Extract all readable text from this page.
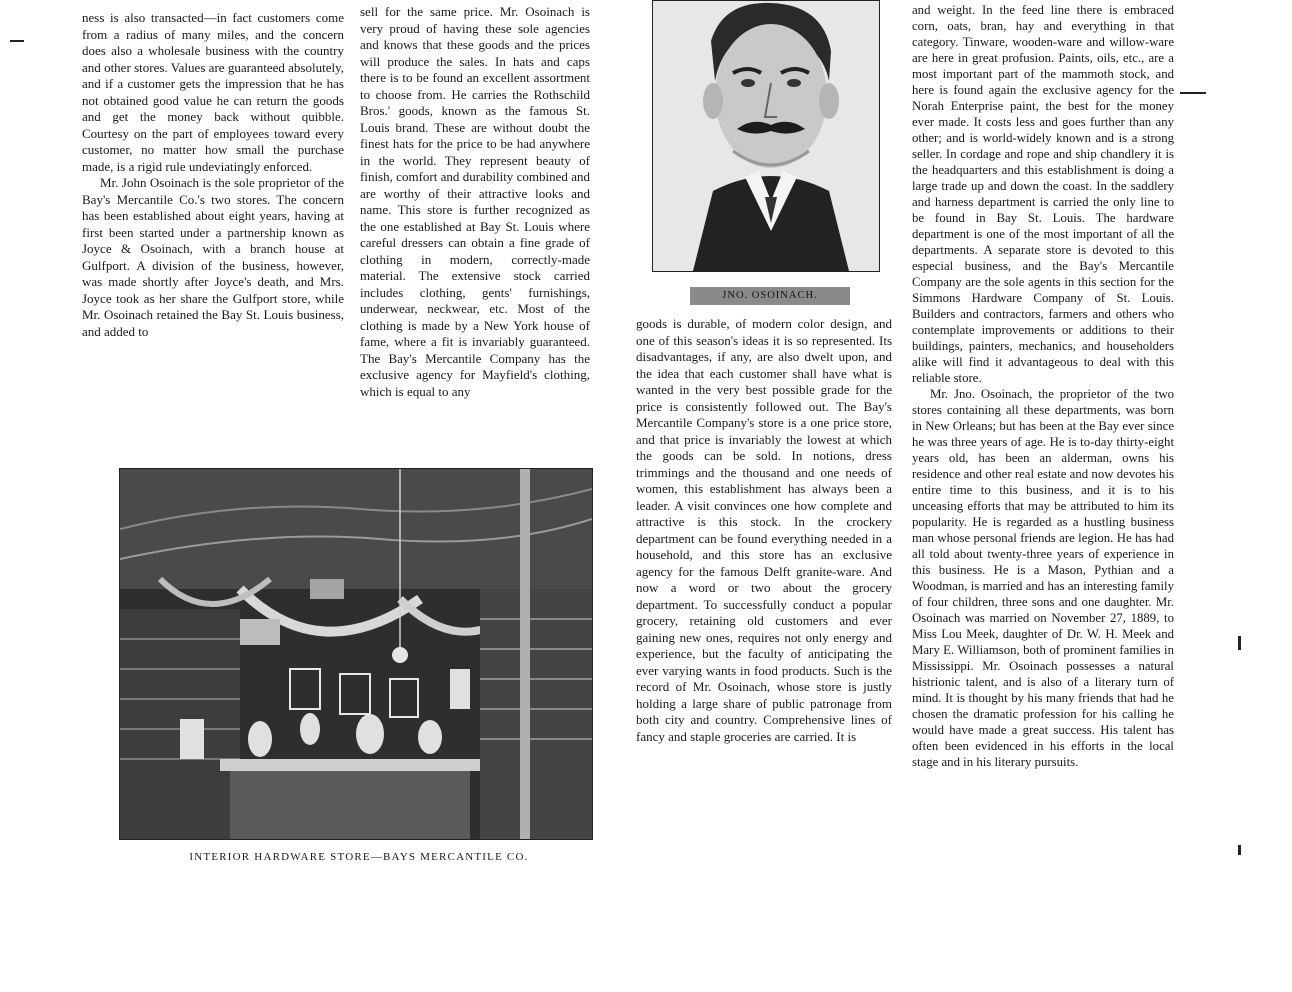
ness is also transacted—in fact customers come from a radius of many miles, and the concern does also a wholesale business with the country and other stores. Values are guaranteed absolutely, and if a customer gets the impression that he has not obtained good value he can return the goods and get the money back without quibble. Courtesy on the part of employees toward every customer, no matter how small the purchase made, is a rigid rule undeviatingly enforced.

Mr. John Osoinach is the sole proprietor of the Bay's Mercantile Co.'s two stores. The concern has been established about eight years, having at first been started under a partnership known as Joyce & Osoinach, with a branch house at Gulfport. A division of the business, however, was made shortly after Joyce's death, and Mrs. Joyce took as her share the Gulfport store, while Mr. Osoinach retained the Bay St. Louis business, and added to

sell for the same price. Mr. Osoinach is very proud of having these sole agencies and knows that these goods and the prices will produce the sales. In hats and caps there is to be found an excellent assortment to choose from. He carries the Rothschild Bros.' goods, known as the famous St. Louis brand. These are without doubt the finest hats for the price to be had anywhere in the world. They represent beauty of finish, comfort and durability combined and are worthy of their attractive looks and name. This store is further recognized as the one established at Bay St. Louis where careful dressers can obtain a fine grade of clothing in modern, correctly-made material. The extensive stock carried includes clothing, gents' furnishings, underwear, neckwear, etc. Most of the clothing is made by a New York house of fame, where a fit is invariably guaranteed. The Bay's Mercantile Company has the exclusive agency for Mayfield's clothing, which is equal to any

JNO. OSOINACH.

goods is durable, of modern color design, and one of this season's ideas it is so represented. Its disadvantages, if any, are also dwelt upon, and the idea that each customer shall have what is wanted in the very best possible grade for the price is consistently followed out. The Bay's Mercantile Company's store is a one price store, and that price is invariably the lowest at which the goods can be sold. In notions, dress trimmings and the thousand and one needs of women, this establishment has always been a leader. A visit convinces one how complete and attractive is this stock. In the crockery department can be found everything needed in a household, and this store has an exclusive agency for the famous Delft granite-ware. And now a word or two about the grocery department. To successfully conduct a popular grocery, retaining old customers and ever gaining new ones, requires not only energy and experience, but the faculty of anticipating the ever varying wants in food products. Such is the record of Mr. Osoinach, whose store is justly holding a large share of public patronage from both city and country. Comprehensive lines of fancy and staple groceries are carried. It is

and weight. In the feed line there is embraced corn, oats, bran, hay and everything in that category. Tinware, wooden-ware and willow-ware are here in great profusion. Paints, oils, etc., are a most important part of the mammoth stock, and here is found again the exclusive agency for the Norah Enterprise paint, the best for the money ever made. It costs less and goes further than any other; and is world-widely known and is a strong seller. In cordage and rope and ship chandlery it is the headquarters and this establishment is doing a large trade up and down the coast. In the saddlery and harness department is carried the only line to be found in Bay St. Louis. The hardware department is one of the most important of all the departments. A separate store is devoted to this especial business, and the Bay's Mercantile Company are the sole agents in this section for the Simmons Hardware Company of St. Louis. Builders and contractors, farmers and others who contemplate improvements or additions to their buildings, painters, mechanics, and householders alike will find it advantageous to deal with this reliable store.

Mr. Jno. Osoinach, the proprietor of the two stores containing all these departments, was born in New Orleans; but has been at the Bay ever since he was three years of age. He is to-day thirty-eight years old, has been an alderman, owns his residence and other real estate and now devotes his entire time to this business, and it is to his unceasing efforts that may be attributed to him its popularity. He is regarded as a hustling business man whose personal friends are legion. He has had all told about twenty-three years of experience in this business. He is a Mason, Pythian and a Woodman, is married and has an interesting family of four children, three sons and one daughter. Mr. Osoinach was married on November 27, 1889, to Miss Lou Meek, daughter of Dr. W. H. Meek and Mary E. Williamson, both of prominent families in Mississippi. Mr. Osoinach possesses a natural histrionic talent, and is also of a literary turn of mind. It is thought by his many friends that had he chosen the dramatic profession for his calling he would have made a great success. His talent has often been evidenced in his efforts in the local stage and in his literary pursuits.

INTERIOR HARDWARE STORE—BAYS MERCANTILE CO.
